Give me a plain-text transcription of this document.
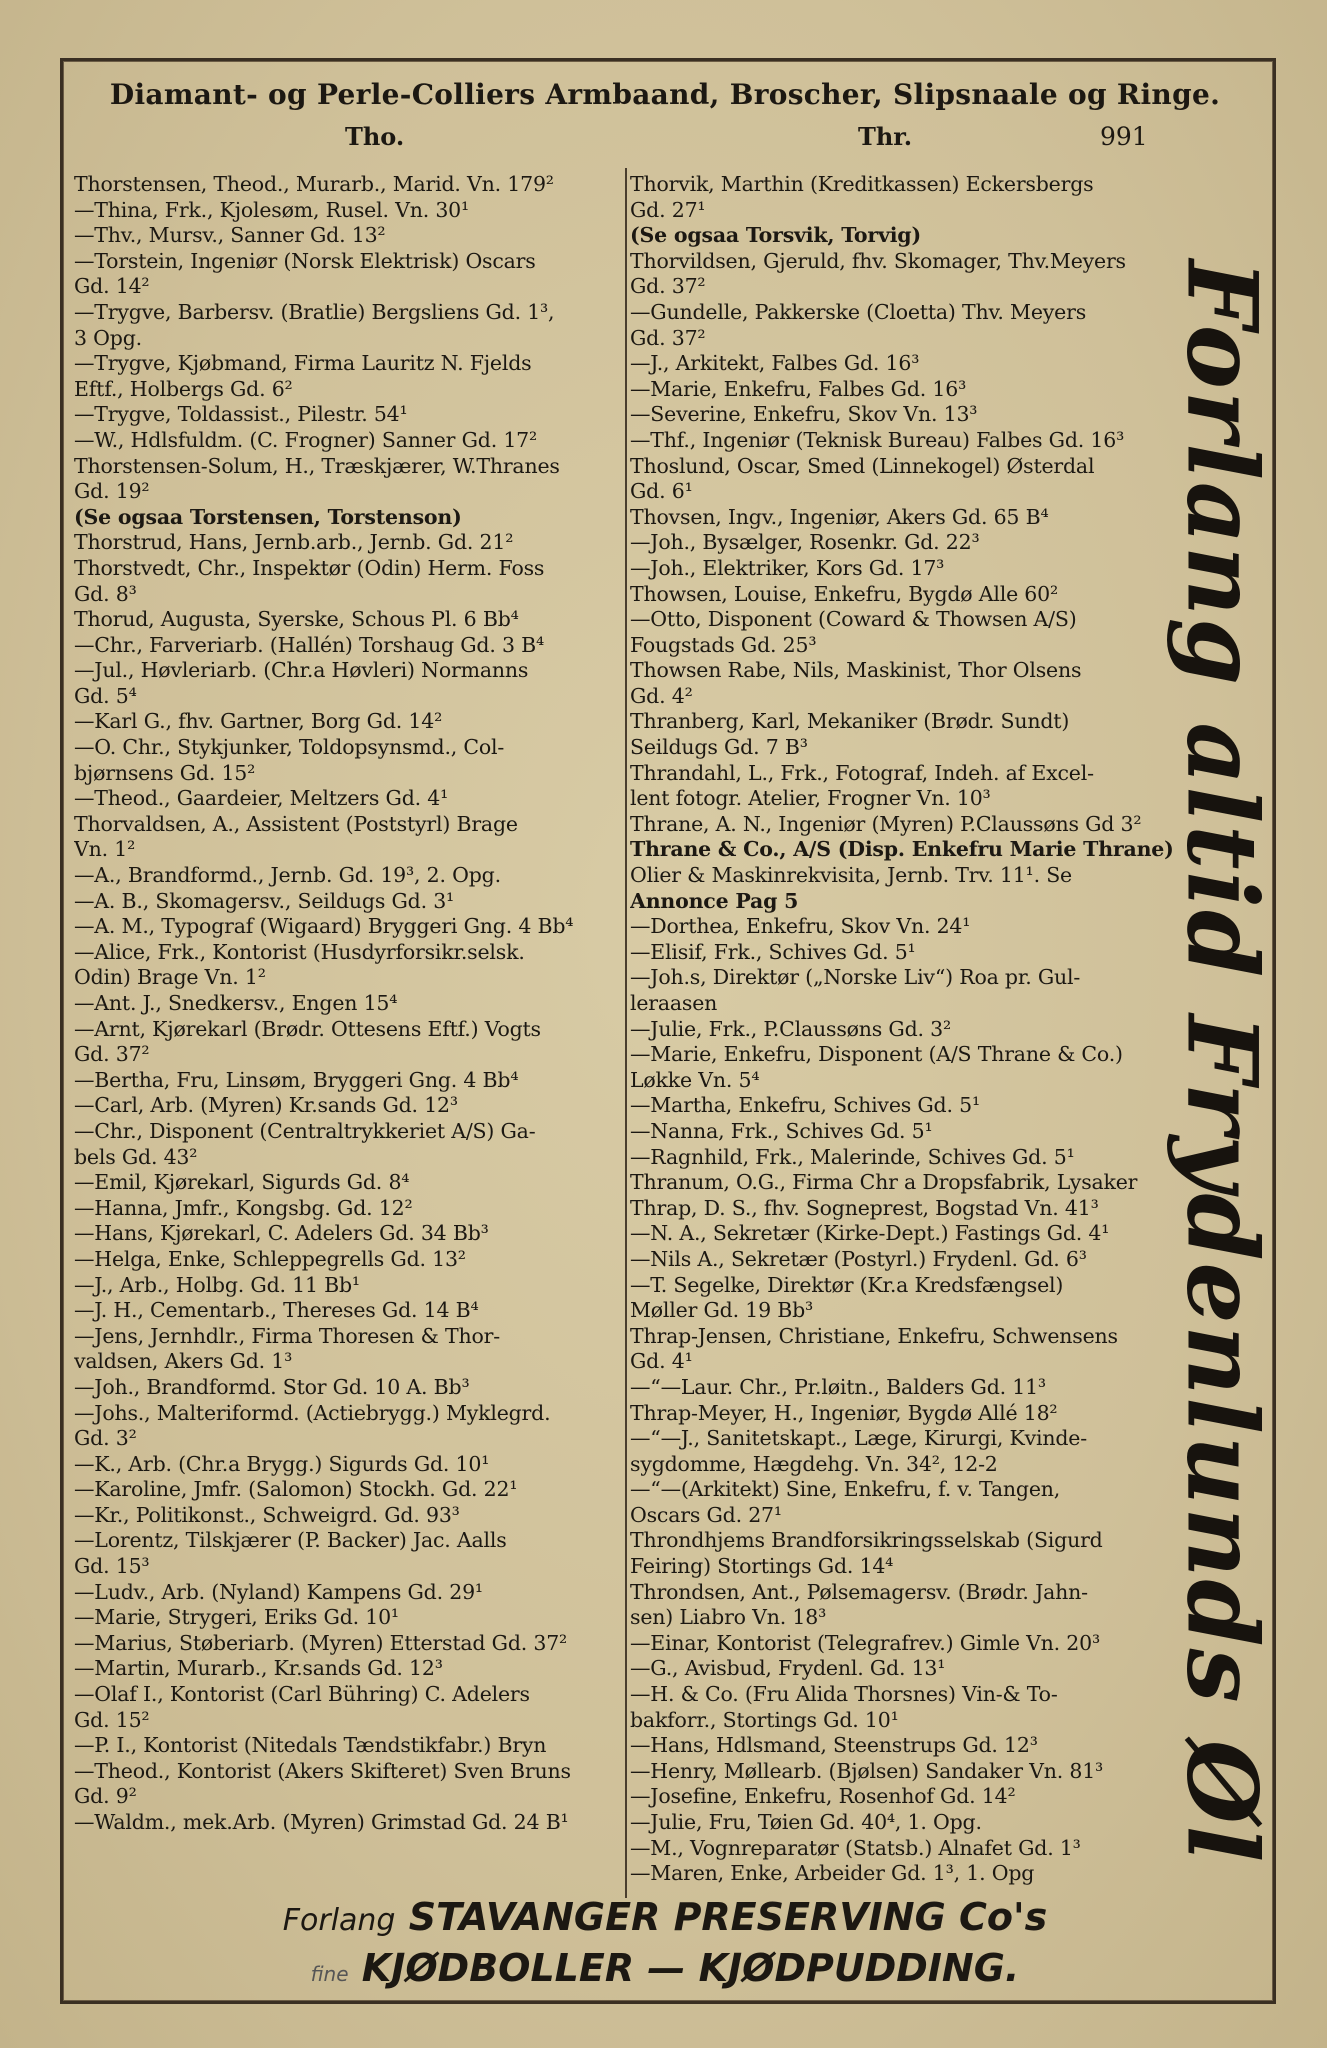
Diamant- og Perle-Colliers Armbaand, Broscher, Slipsnaale og Ringe.
Tho.	Thr.	991
Thorstensen, Theod., Murarb., Marid. Vn. 179²
—Thina, Frk., Kjolesøm, Rusel. Vn. 30¹
—Thv., Mursv., Sanner Gd. 13²
—Torstein, Ingeniør (Norsk Elektrisk) Oscars
Gd. 14²
—Trygve, Barbersv. (Bratlie) Bergsliens Gd. 1³,
3 Opg.
—Trygve, Kjøbmand, Firma Lauritz N. Fjelds
Eftf., Holbergs Gd. 6²
—Trygve, Toldassist., Pilestr. 54¹
—W., Hdlsfuldm. (C. Frogner) Sanner Gd. 17²
Thorstensen-Solum, H., Træskjærer, W.Thranes
Gd. 19²
(Se ogsaa Torstensen, Torstenson)
Thorstrud, Hans, Jernb.arb., Jernb. Gd. 21²
Thorstvedt, Chr., Inspektør (Odin) Herm. Foss
Gd. 8³
Thorud, Augusta, Syerske, Schous Pl. 6 Bb⁴
—Chr., Farveriarb. (Hallén) Torshaug Gd. 3 B⁴
—Jul., Høvleriarb. (Chr.a Høvleri) Normanns
Gd. 5⁴
—Karl G., fhv. Gartner, Borg Gd. 14²
—O. Chr., Stykjunker, Toldopsynsmd., Col-
bjørnsens Gd. 15²
—Theod., Gaardeier, Meltzers Gd. 4¹
Thorvaldsen, A., Assistent (Poststyrl) Brage
Vn. 1²
—A., Brandformd., Jernb. Gd. 19³, 2. Opg.
—A. B., Skomagersv., Seildugs Gd. 3¹
—A. M., Typograf (Wigaard) Bryggeri Gng. 4 Bb⁴
—Alice, Frk., Kontorist (Husdyrforsikr.selsk.
Odin) Brage Vn. 1²
—Ant. J., Snedkersv., Engen 15⁴
—Arnt, Kjørekarl (Brødr. Ottesens Eftf.) Vogts
Gd. 37²
—Bertha, Fru, Linsøm, Bryggeri Gng. 4 Bb⁴
—Carl, Arb. (Myren) Kr.sands Gd. 12³
—Chr., Disponent (Centraltrykkeriet A/S) Ga-
bels Gd. 43²
—Emil, Kjørekarl, Sigurds Gd. 8⁴
—Hanna, Jmfr., Kongsbg. Gd. 12²
—Hans, Kjørekarl, C. Adelers Gd. 34 Bb³
—Helga, Enke, Schleppegrells Gd. 13²
—J., Arb., Holbg. Gd. 11 Bb¹
—J. H., Cementarb., Thereses Gd. 14 B⁴
—Jens, Jernhdlr., Firma Thoresen & Thor-
valdsen, Akers Gd. 1³
—Joh., Brandformd. Stor Gd. 10 A. Bb³
—Johs., Malteriformd. (Actiebrygg.) Myklegrd.
Gd. 3²
—K., Arb. (Chr.a Brygg.) Sigurds Gd. 10¹
—Karoline, Jmfr. (Salomon) Stockh. Gd. 22¹
—Kr., Politikonst., Schweigrd. Gd. 93³
—Lorentz, Tilskjærer (P. Backer) Jac. Aalls
Gd. 15³
—Ludv., Arb. (Nyland) Kampens Gd. 29¹
—Marie, Strygeri, Eriks Gd. 10¹
—Marius, Støberiarb. (Myren) Etterstad Gd. 37²
—Martin, Murarb., Kr.sands Gd. 12³
—Olaf I., Kontorist (Carl Bühring) C. Adelers
Gd. 15²
—P. I., Kontorist (Nitedals Tændstikfabr.) Bryn
—Theod., Kontorist (Akers Skifteret) Sven Bruns
Gd. 9²
—Waldm., mek.Arb. (Myren) Grimstad Gd. 24 B¹
Thorvik, Marthin (Kreditkassen) Eckersbergs
Gd. 27¹
(Se ogsaa Torsvik, Torvig)
Thorvildsen, Gjeruld, fhv. Skomager, Thv.Meyers
Gd. 37²
—Gundelle, Pakkerske (Cloetta) Thv. Meyers
Gd. 37²
—J., Arkitekt, Falbes Gd. 16³
—Marie, Enkefru, Falbes Gd. 16³
—Severine, Enkefru, Skov Vn. 13³
—Thf., Ingeniør (Teknisk Bureau) Falbes Gd. 16³
Thoslund, Oscar, Smed (Linnekogel) Østerdal
Gd. 6¹
Thovsen, Ingv., Ingeniør, Akers Gd. 65 B⁴
—Joh., Bysælger, Rosenkr. Gd. 22³
—Joh., Elektriker, Kors Gd. 17³
Thowsen, Louise, Enkefru, Bygdø Alle 60²
—Otto, Disponent (Coward & Thowsen A/S)
Fougstads Gd. 25³
Thowsen Rabe, Nils, Maskinist, Thor Olsens
Gd. 4²
Thranberg, Karl, Mekaniker (Brødr. Sundt)
Seildugs Gd. 7 B³
Thrandahl, L., Frk., Fotograf, Indeh. af Excel-
lent fotogr. Atelier, Frogner Vn. 10³
Thrane, A. N., Ingeniør (Myren) P.Claussøns Gd 3²
Thrane & Co., A/S (Disp. Enkefru Marie Thrane)
Olier & Maskinrekvisita, Jernb. Trv. 11¹. Se
Annonce Pag 5
—Dorthea, Enkefru, Skov Vn. 24¹
—Elisif, Frk., Schives Gd. 5¹
—Joh.s, Direktør („Norske Liv“) Roa pr. Gul-
leraasen
—Julie, Frk., P.Claussøns Gd. 3²
—Marie, Enkefru, Disponent (A/S Thrane & Co.)
Løkke Vn. 5⁴
—Martha, Enkefru, Schives Gd. 5¹
—Nanna, Frk., Schives Gd. 5¹
—Ragnhild, Frk., Malerinde, Schives Gd. 5¹
Thranum, O.G., Firma Chr a Dropsfabrik, Lysaker
Thrap, D. S., fhv. Sogneprest, Bogstad Vn. 41³
—N. A., Sekretær (Kirke-Dept.) Fastings Gd. 4¹
—Nils A., Sekretær (Postyrl.) Frydenl. Gd. 6³
—T. Segelke, Direktør (Kr.a Kredsfængsel)
Møller Gd. 19 Bb³
Thrap-Jensen, Christiane, Enkefru, Schwensens
Gd. 4¹
—“—Laur. Chr., Pr.løitn., Balders Gd. 11³
Thrap-Meyer, H., Ingeniør, Bygdø Allé 18²
—“—J., Sanitetskapt., Læge, Kirurgi, Kvinde-
sygdomme, Hægdehg. Vn. 34², 12-2
—“—(Arkitekt) Sine, Enkefru, f. v. Tangen,
Oscars Gd. 27¹
Throndhjems Brandforsikringsselskab (Sigurd
Feiring) Stortings Gd. 14⁴
Throndsen, Ant., Pølsemagersv. (Brødr. Jahn-
sen) Liabro Vn. 18³
—Einar, Kontorist (Telegrafrev.) Gimle Vn. 20³
—G., Avisbud, Frydenl. Gd. 13¹
—H. & Co. (Fru Alida Thorsnes) Vin-& To-
bakforr., Stortings Gd. 10¹
—Hans, Hdlsmand, Steenstrups Gd. 12³
—Henry, Møllearb. (Bjølsen) Sandaker Vn. 81³
—Josefine, Enkefru, Rosenhof Gd. 14²
—Julie, Fru, Tøien Gd. 40⁴, 1. Opg.
—M., Vognreparatør (Statsb.) Alnafet Gd. 1³
—Maren, Enke, Arbeider Gd. 1³, 1. Opg
Forlang altid Frydenlunds Øl
Forlang STAVANGER PRESERVING Co's
fine KJØDBOLLER — KJØDPUDDING.
